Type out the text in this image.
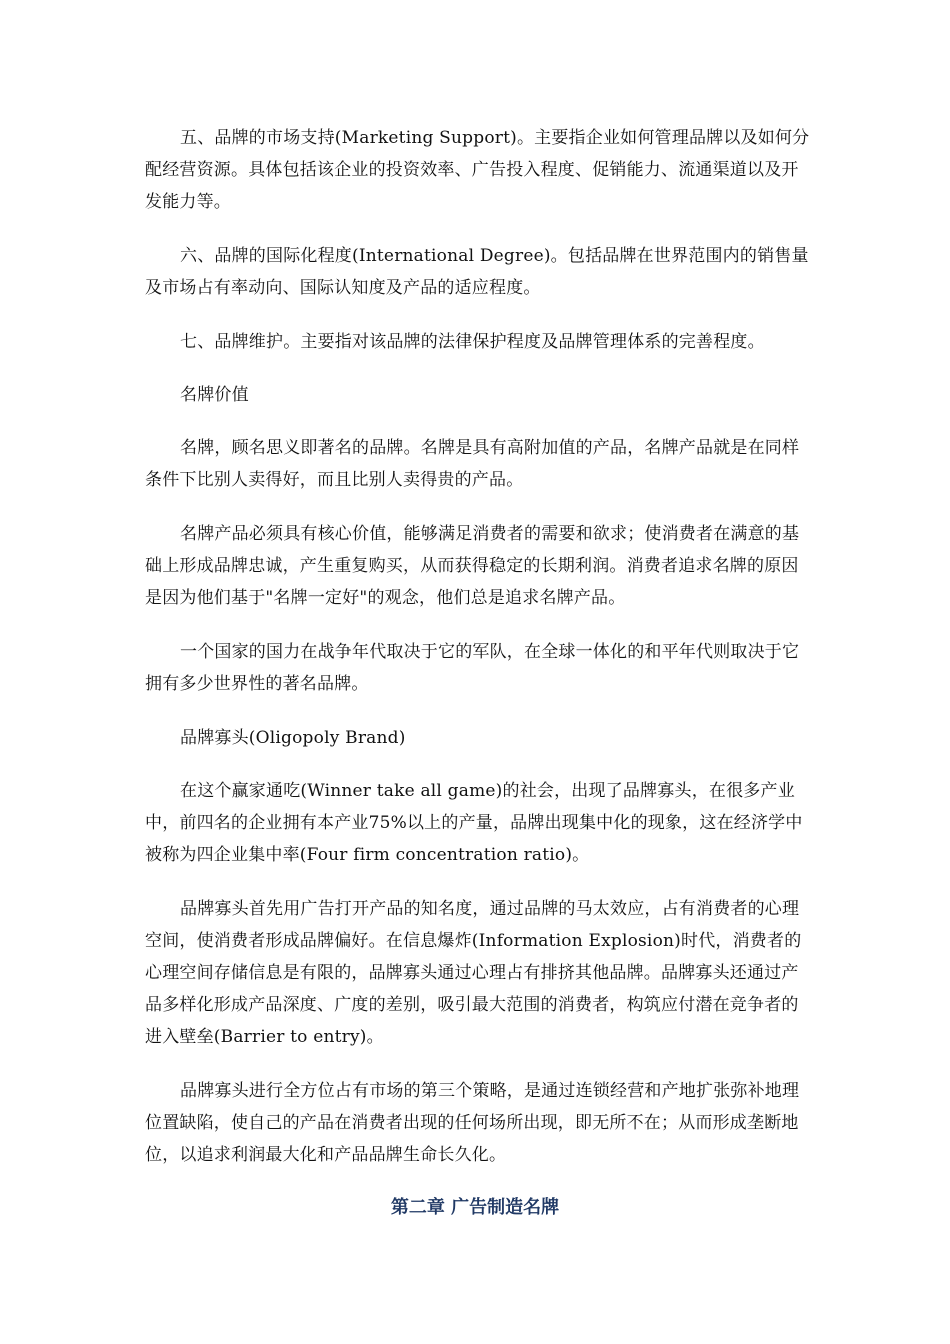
五、品牌的市场支持(Marketing Support)。主要指企业如何管理品牌以及如何分配经营资源。具体包括该企业的投资效率、广告投入程度、促销能力、流通渠道以及开发能力等。

六、品牌的国际化程度(International Degree)。包括品牌在世界范围内的销售量及市场占有率动向、国际认知度及产品的适应程度。

七、品牌维护。主要指对该品牌的法律保护程度及品牌管理体系的完善程度。

名牌价值

名牌，顾名思义即著名的品牌。名牌是具有高附加值的产品，名牌产品就是在同样条件下比别人卖得好，而且比别人卖得贵的产品。

名牌产品必须具有核心价值，能够满足消费者的需要和欲求；使消费者在满意的基础上形成品牌忠诚，产生重复购买，从而获得稳定的长期利润。消费者追求名牌的原因是因为他们基于"名牌一定好"的观念，他们总是追求名牌产品。

一个国家的国力在战争年代取决于它的军队，在全球一体化的和平年代则取决于它拥有多少世界性的著名品牌。

品牌寡头(Oligopoly Brand)

在这个赢家通吃(Winner take all game)的社会，出现了品牌寡头，在很多产业中，前四名的企业拥有本产业75%以上的产量，品牌出现集中化的现象，这在经济学中被称为四企业集中率(Four firm concentration ratio)。

品牌寡头首先用广告打开产品的知名度，通过品牌的马太效应，占有消费者的心理空间，使消费者形成品牌偏好。在信息爆炸(Information Explosion)时代，消费者的心理空间存储信息是有限的，品牌寡头通过心理占有排挤其他品牌。品牌寡头还通过产品多样化形成产品深度、广度的差别，吸引最大范围的消费者，构筑应付潜在竞争者的进入壁垒(Barrier to entry)。

品牌寡头进行全方位占有市场的第三个策略，是通过连锁经营和产地扩张弥补地理位置缺陷，使自己的产品在消费者出现的任何场所出现，即无所不在；从而形成垄断地位，以追求利润最大化和产品品牌生命长久化。

第二章 广告制造名牌
